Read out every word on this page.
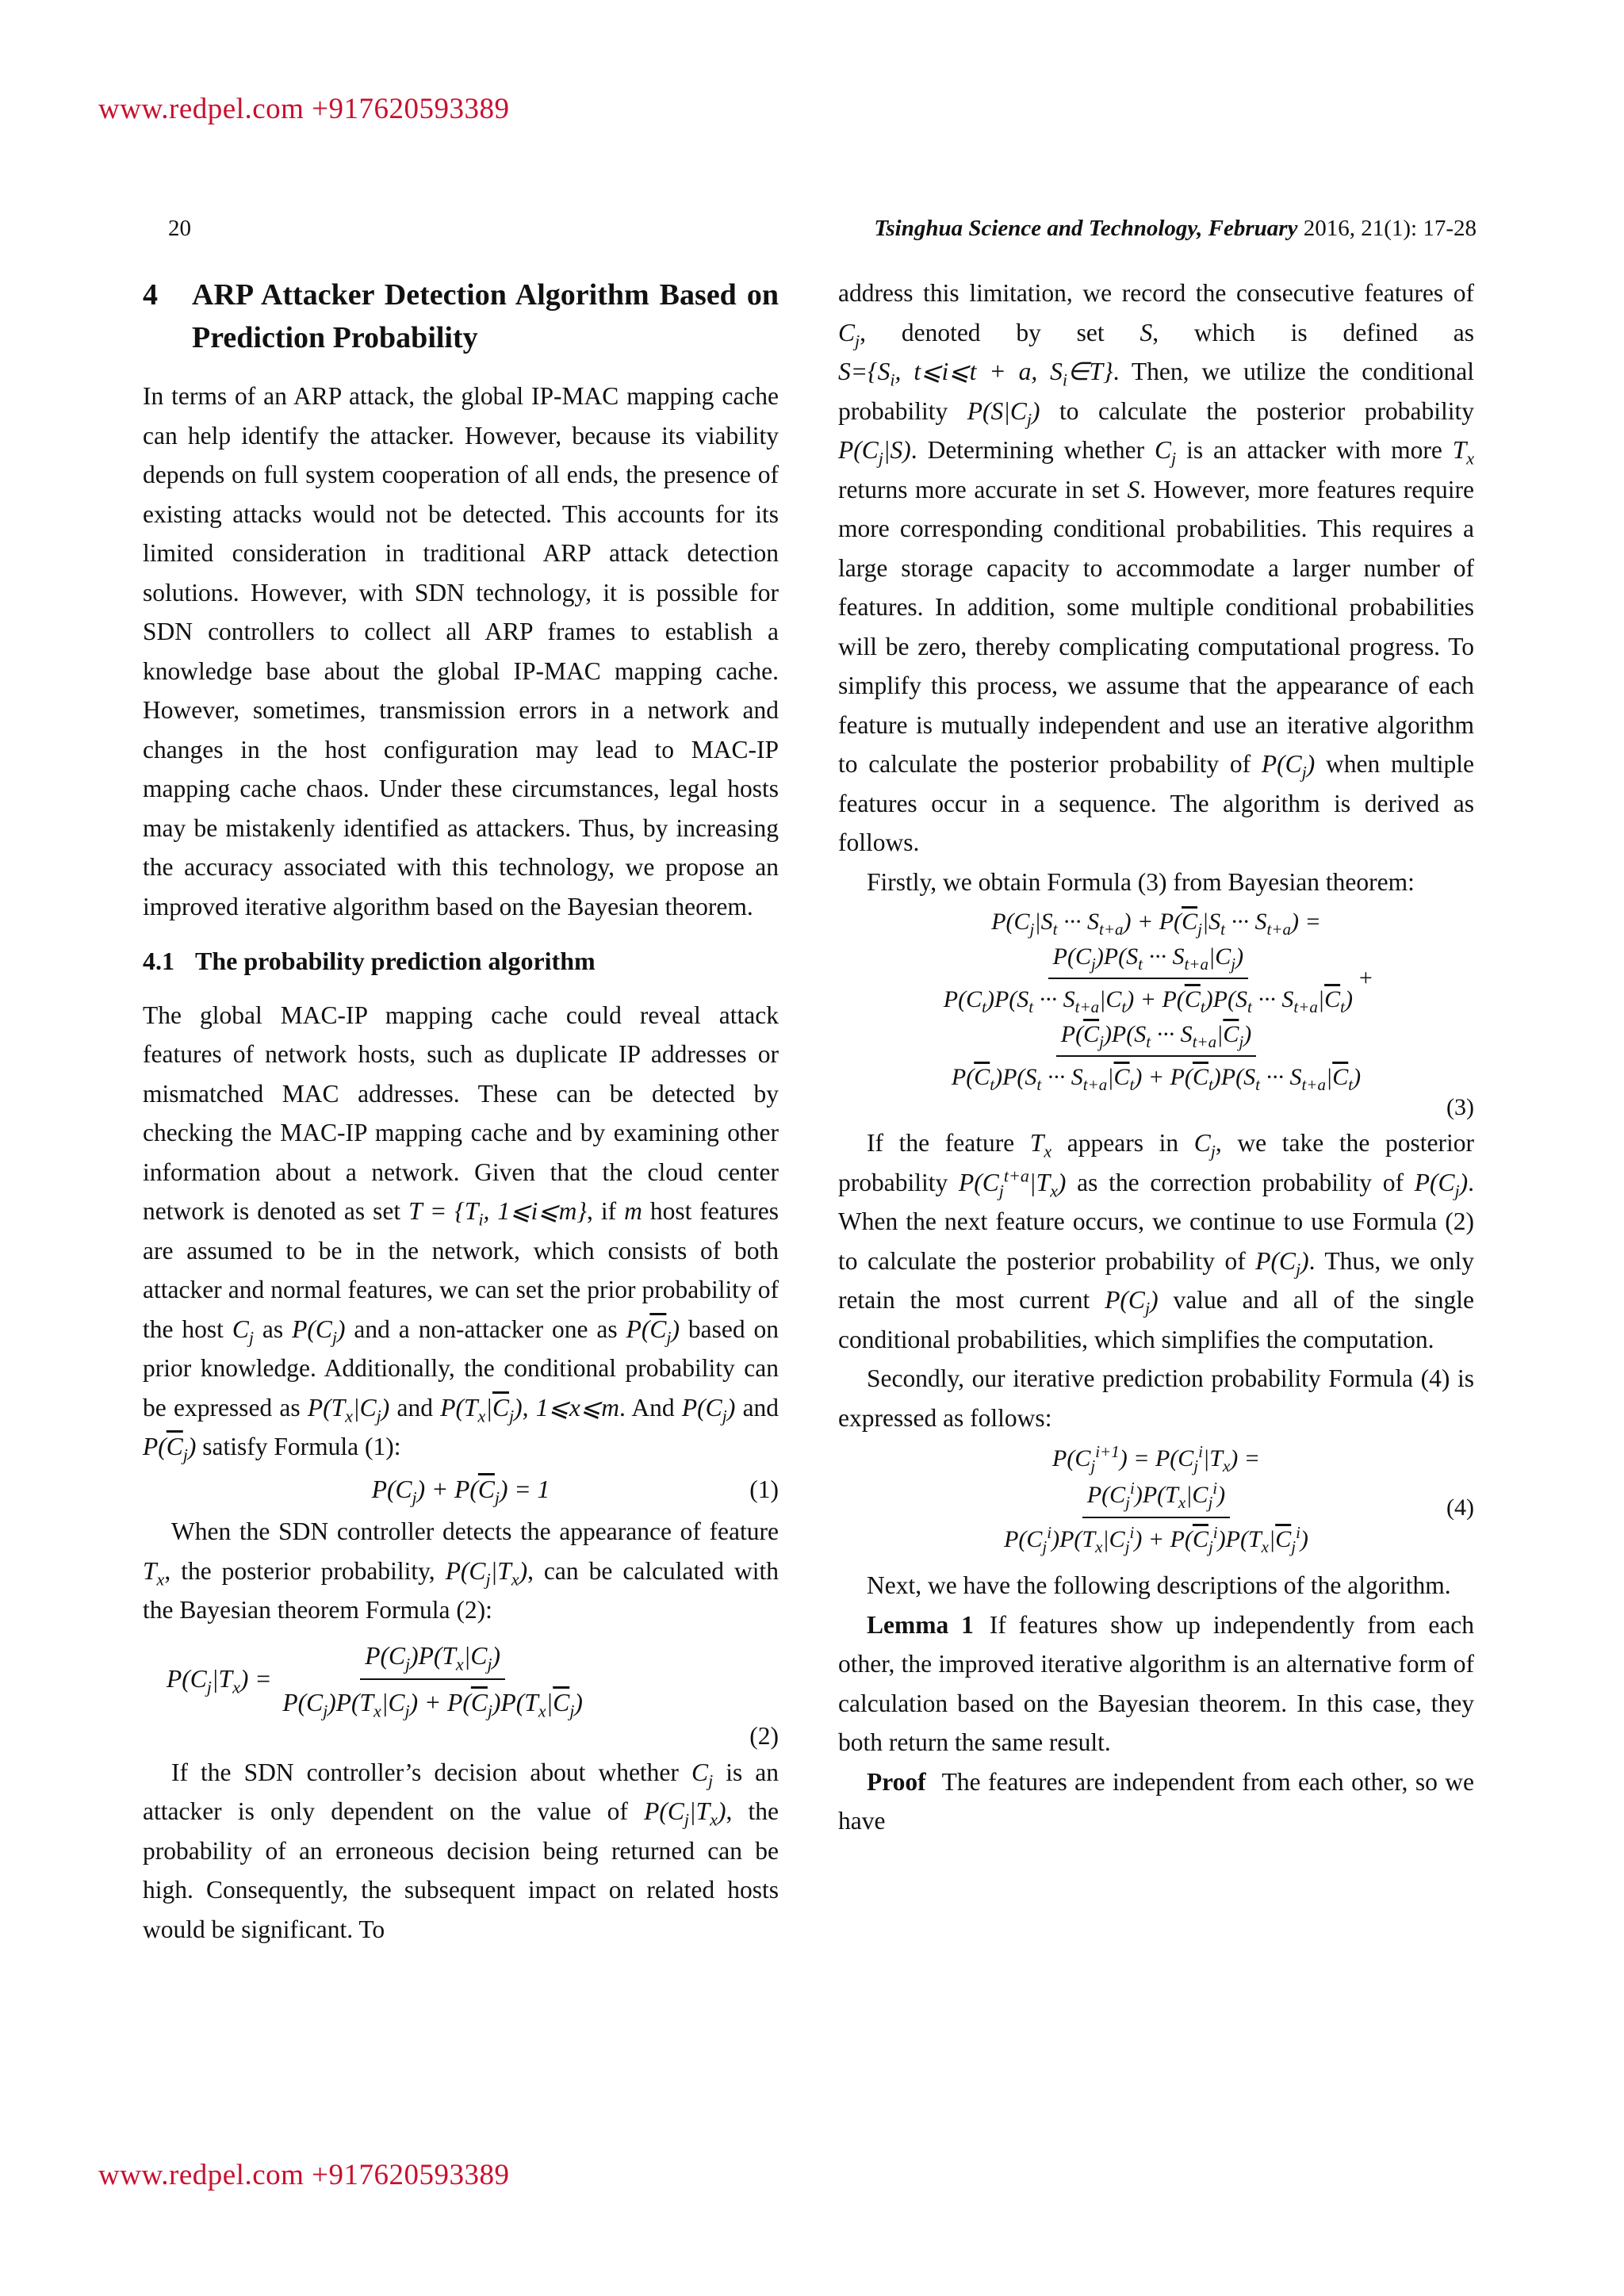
www.redpel.com +917620593389
20	Tsinghua Science and Technology, February 2016, 21(1): 17-28
4	ARP Attacker Detection Algorithm Based on Prediction Probability

In terms of an ARP attack, the global IP-MAC mapping cache can help identify the attacker. However, because its viability depends on full system cooperation of all ends, the presence of existing attacks would not be detected. This accounts for its limited consideration in traditional ARP attack detection solutions. However, with SDN technology, it is possible for SDN controllers to collect all ARP frames to establish a knowledge base about the global IP-MAC mapping cache. However, sometimes, transmission errors in a network and changes in the host configuration may lead to MAC-IP mapping cache chaos. Under these circumstances, legal hosts may be mistakenly identified as attackers. Thus, by increasing the accuracy associated with this technology, we propose an improved iterative algorithm based on the Bayesian theorem.

4.1 The probability prediction algorithm

The global MAC-IP mapping cache could reveal attack features of network hosts, such as duplicate IP addresses or mismatched MAC addresses. These can be detected by checking the MAC-IP mapping cache and by examining other information about a network. Given that the cloud center network is denoted as set $T = \{T_i$, 1⩽i⩽m}, if m host features are assumed to be in the network, which consists of both attacker and normal features, we can set the prior probability of the host $C_j$ as $P(C_j)$ and a non-attacker one as $P(\overline{C}_j)$ based on prior knowledge. Additionally, the conditional probability can be expressed as $P(T_x|C_j)$ and $P(T_x|\overline{C}_j)$, 1⩽x⩽m. And $P(C_j)$ and $P(\overline{C}_j)$ satisfy Formula (1):

$P(C_j) + P(\overline{C}_j) = 1$	(1)

When the SDN controller detects the appearance of feature $T_x$, the posterior probability, $P(C_j|T_x)$, can be calculated with the Bayesian theorem Formula (2):

$P(C_j|T_x) = \frac{P(C_j)P(T_x|C_j)}{P(C_j)P(T_x|C_j) + P(\overline{C}_j)P(T_x|\overline{C}_j)}$
(2)

If the SDN controller’s decision about whether $C_j$ is an attacker is only dependent on the value of $P(C_j|T_x)$, the probability of an erroneous decision being returned can be high. Consequently, the subsequent impact on related hosts would be significant. To

address this limitation, we record the consecutive features of $C_j$, denoted by set S, which is defined as $S=\{S_i$, t⩽i⩽t + a, $S_i\in T$}. Then, we utilize the conditional probability $P(S|C_j)$ to calculate the posterior probability $P(C_j|S)$. Determining whether $C_j$ is an attacker with more $T_x$ returns more accurate in set S. However, more features require more corresponding conditional probabilities. This requires a large storage capacity to accommodate a larger number of features. In addition, some multiple conditional probabilities will be zero, thereby complicating computational progress. To simplify this process, we assume that the appearance of each feature is mutually independent and use an iterative algorithm to calculate the posterior probability of $P(C_j)$ when multiple features occur in a sequence. The algorithm is derived as follows.

Firstly, we obtain Formula (3) from Bayesian theorem:

$P(C_j|S_t$ ··· $S_{t+a}) + P(\overline{C}_j|S_t$ ··· $S_{t+a}$) =
$\frac{P(C_j)P(S_t \cdot\cdot\cdot S_{t+a}|C_j)}{P(C_t)P(S_t \cdot\cdot\cdot S_{t+a}|C_t) + P(\overline{C}_t)P(S_t \cdot\cdot\cdot S_{t+a}|\overline{C}_t)}$ +
$\frac{P(\overline{C}_j)P(S_t \cdot\cdot\cdot S_{t+a}|\overline{C}_j)}{P(\overline{C}_t)P(S_t \cdot\cdot\cdot S_{t+a}|\overline{C}_t) + P(\overline{C}_t)P(S_t \cdot\cdot\cdot S_{t+a}|\overline{C}_t)}$
(3)

If the feature $T_x$ appears in $C_j$, we take the posterior probability $P(C_j^{t+a}|T_x)$ as the correction probability of $P(C_j)$. When the next feature occurs, we continue to use Formula (2) to calculate the posterior probability of $P(C_j)$. Thus, we only retain the most current $P(C_j)$ value and all of the single conditional probabilities, which simplifies the computation.

Secondly, our iterative prediction probability Formula (4) is expressed as follows:

$P(C_j^{i+1}) = P(C_j^i|T_x)$ =
$\frac{P(C_j^i)P(T_x|C_j^i)}{P(C_j^i)P(T_x|C_j^i) + P(\overline{C}_j^i)P(T_x|\overline{C}_j^i)}$	(4)

Next, we have the following descriptions of the algorithm.

Lemma 1 If features show up independently from each other, the improved iterative algorithm is an alternative form of calculation based on the Bayesian theorem. In this case, they both return the same result.

Proof The features are independent from each other, so we have

www.redpel.com +917620593389
